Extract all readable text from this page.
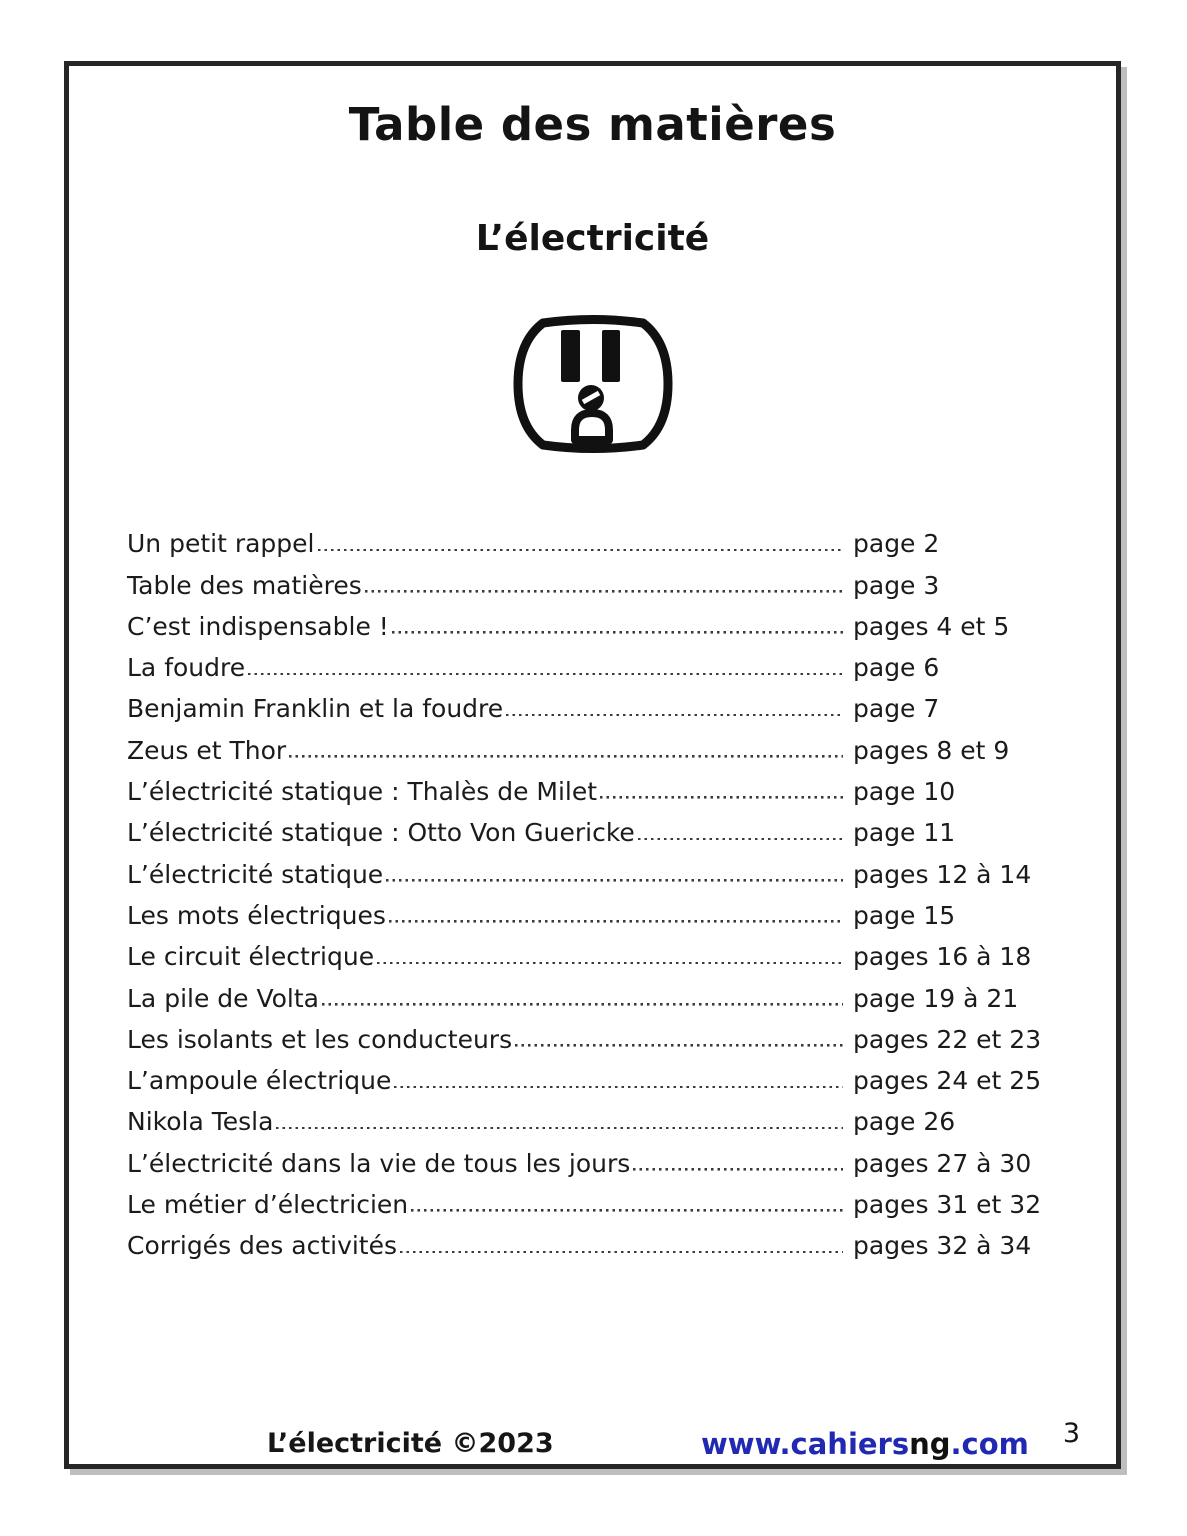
Table des matières
L’électricité
Un petit rappel	page 2
Table des matières	page 3
C’est indispensable !	pages 4 et 5
La foudre	page 6
Benjamin Franklin et la foudre	page 7
Zeus et Thor	pages 8 et 9
L’électricité statique : Thalès de Milet	page 10
L’électricité statique : Otto Von Guericke	page 11
L’électricité statique	pages 12 à 14
Les mots électriques	page 15
Le circuit électrique	pages 16 à 18
La pile de Volta	page 19 à 21
Les isolants et les conducteurs	pages 22 et 23
L’ampoule électrique	pages 24 et 25
Nikola Tesla	page 26
L’électricité dans la vie de tous les jours	pages 27 à 30
Le métier d’électricien	pages 31 et 32
Corrigés des activités	pages 32 à 34
L’électricité ©2023	www.cahiersng.com 3
